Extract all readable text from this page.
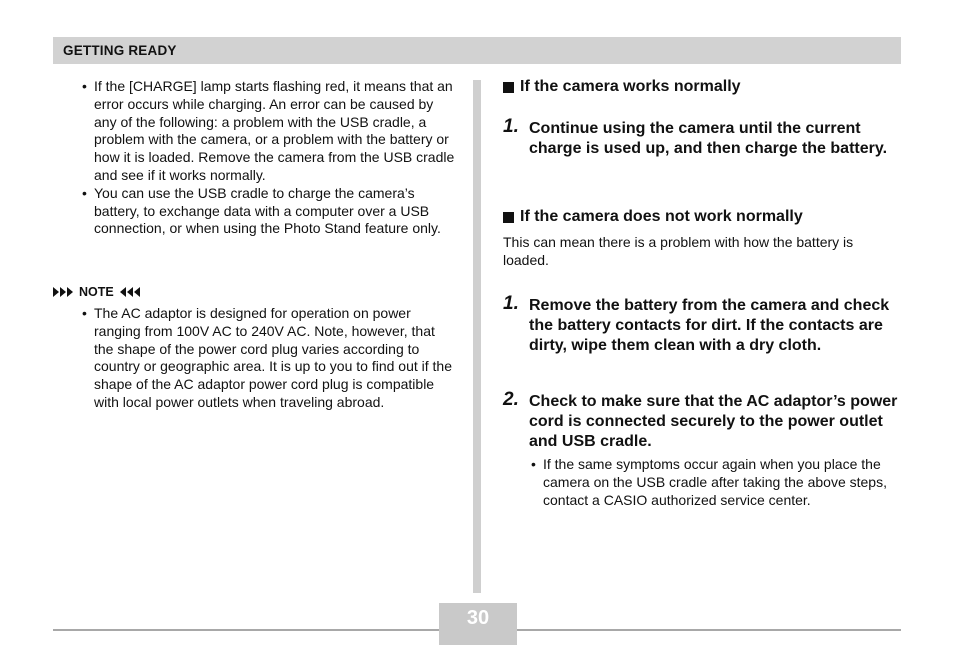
GETTING READY
• If the [CHARGE] lamp starts flashing red, it means that an error occurs while charging. An error can be caused by any of the following: a problem with the USB cradle, a problem with the camera, or a problem with the battery or how it is loaded. Remove the camera from the USB cradle and see if it works normally.
• You can use the USB cradle to charge the camera’s battery, to exchange data with a computer over a USB connection, or when using the Photo Stand feature only.
NOTE
• The AC adaptor is designed for operation on power ranging from 100V AC to 240V AC. Note, however, that the shape of the power cord plug varies according to country or geographic area. It is up to you to find out if the shape of the AC adaptor power cord plug is compatible with local power outlets when traveling abroad.
If the camera works normally
1. Continue using the camera until the current charge is used up, and then charge the battery.
If the camera does not work normally
This can mean there is a problem with how the battery is loaded.
1. Remove the battery from the camera and check the battery contacts for dirt. If the contacts are dirty, wipe them clean with a dry cloth.
2. Check to make sure that the AC adaptor’s power cord is connected securely to the power outlet and USB cradle.
• If the same symptoms occur again when you place the camera on the USB cradle after taking the above steps, contact a CASIO authorized service center.
30
